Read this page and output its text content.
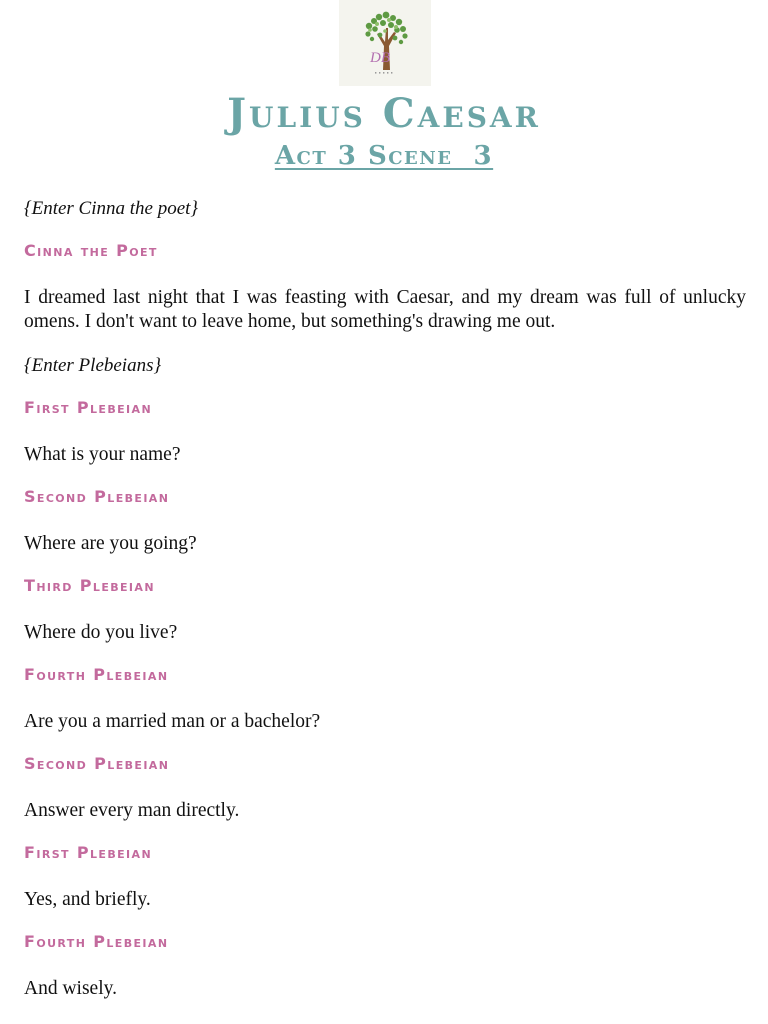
DB
Julius Caesar
Act 3 Scene  3

{Enter Cinna the poet}

Cinna the Poet

I dreamed last night that I was feasting with Caesar, and my dream was full of unlucky omens. I don't want to leave home, but something's drawing me out.

{Enter Plebeians}

First Plebeian

What is your name?

Second Plebeian

Where are you going?

Third Plebeian

Where do you live?

Fourth Plebeian

Are you a married man or a bachelor?

Second Plebeian

Answer every man directly.

First Plebeian

Yes, and briefly.

Fourth Plebeian

And wisely.
